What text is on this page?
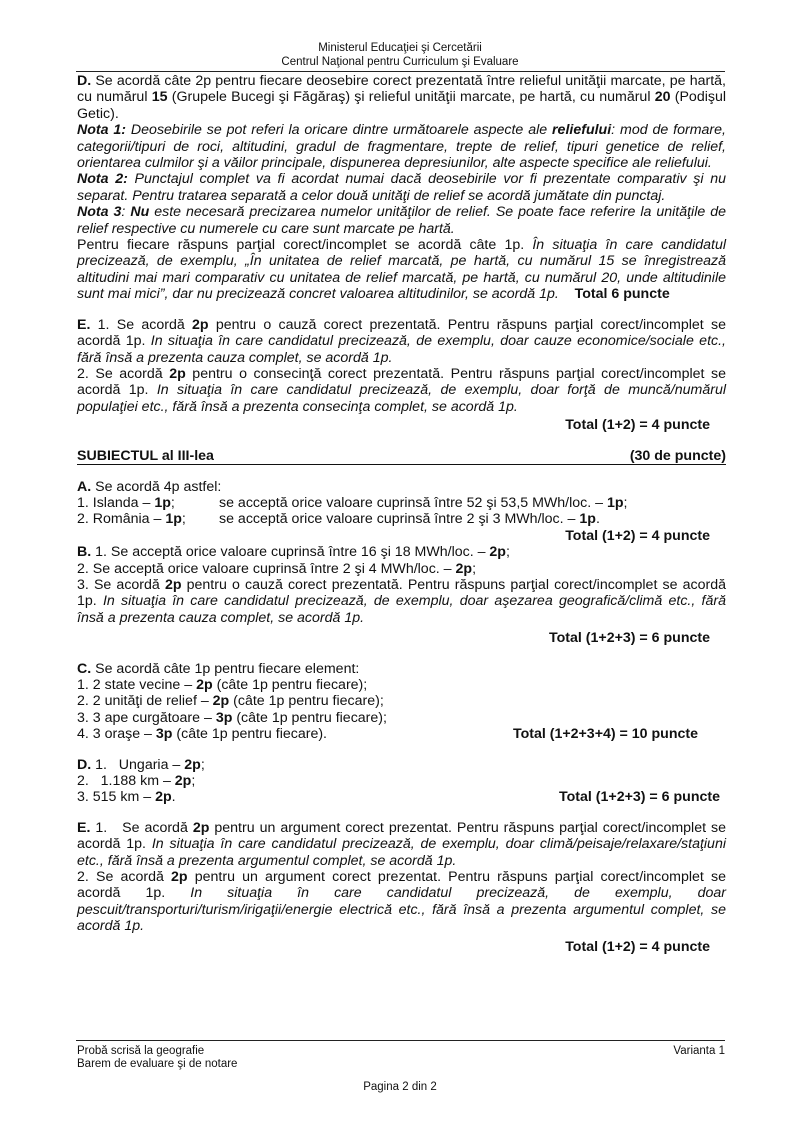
Ministerul Educaţiei şi Cercetării
Centrul Naţional pentru Curriculum şi Evaluare

D. Se acordă câte 2p pentru fiecare deosebire corect prezentată între relieful unităţii marcate, pe hartă, cu numărul 15 (Grupele Bucegi şi Făgăraş) şi relieful unităţii marcate, pe hartă, cu numărul 20 (Podişul Getic).

Nota 1: Deosebirile se pot referi la oricare dintre următoarele aspecte ale reliefului: mod de formare, categorii/tipuri de roci, altitudini, gradul de fragmentare, trepte de relief, tipuri genetice de relief, orientarea culmilor şi a văilor principale, dispunerea depresiunilor, alte aspecte specifice ale reliefului.

Nota 2: Punctajul complet va fi acordat numai dacă deosebirile vor fi prezentate comparativ şi nu separat. Pentru tratarea separată a celor două unităţi de relief se acordă jumătate din punctaj.

Nota 3: Nu este necesară precizarea numelor unităţilor de relief. Se poate face referire la unităţile de relief respective cu numerele cu care sunt marcate pe hartă.

Pentru fiecare răspuns parţial corect/incomplet se acordă câte 1p. În situaţia în care candidatul precizează, de exemplu, „În unitatea de relief marcată, pe hartă, cu numărul 15 se înregistrează altitudini mai mari comparativ cu unitatea de relief marcată, pe hartă, cu numărul 20, unde altitudinile sunt mai mici”, dar nu precizează concret valoarea altitudinilor, se acordă 1p. Total 6 puncte

E. 1. Se acordă 2p pentru o cauză corect prezentată. Pentru răspuns parţial corect/incomplet se acordă 1p. In situaţia în care candidatul precizează, de exemplu, doar cauze economice/sociale etc., fără însă a prezenta cauza complet, se acordă 1p.

2. Se acordă 2p pentru o consecinţă corect prezentată. Pentru răspuns parţial corect/incomplet se acordă 1p. In situaţia în care candidatul precizează, de exemplu, doar forţă de muncă/numărul populaţiei etc., fără însă a prezenta consecinţa complet, se acordă 1p.

Total (1+2) = 4 puncte

SUBIECTUL al III-lea	(30 de puncte)

A. Se acordă 4p astfel:

1. Islanda – 1p;	se acceptă orice valoare cuprinsă între 52 şi 53,5 MWh/loc. – 1p;
2. România – 1p;	se acceptă orice valoare cuprinsă între 2 şi 3 MWh/loc. – 1p.

Total (1+2) = 4 puncte

B. 1. Se acceptă orice valoare cuprinsă între 16 şi 18 MWh/loc. – 2p;

2. Se acceptă orice valoare cuprinsă între 2 şi 4 MWh/loc. – 2p;

3. Se acordă 2p pentru o cauză corect prezentată. Pentru răspuns parţial corect/incomplet se acordă 1p. In situaţia în care candidatul precizează, de exemplu, doar aşezarea geografică/climă etc., fără însă a prezenta cauza complet, se acordă 1p.

Total (1+2+3) = 6 puncte

C. Se acordă câte 1p pentru fiecare element:

1. 2 state vecine – 2p (câte 1p pentru fiecare);

2. 2 unităţi de relief – 2p (câte 1p pentru fiecare);

3. 3 ape curgătoare – 3p (câte 1p pentru fiecare);

4. 3 oraşe – 3p (câte 1p pentru fiecare).	Total (1+2+3+4) = 10 puncte

D. 1.   Ungaria – 2p;

2.   1.188 km – 2p;

3. 515 km – 2p.	Total (1+2+3) = 6 puncte

E. 1.   Se acordă 2p pentru un argument corect prezentat. Pentru răspuns parţial corect/incomplet se acordă 1p. In situaţia în care candidatul precizează, de exemplu, doar climă/peisaje/relaxare/staţiuni etc., fără însă a prezenta argumentul complet, se acordă 1p.

2. Se acordă 2p pentru un argument corect prezentat. Pentru răspuns parţial corect/incomplet se acordă 1p. In situaţia în care candidatul precizează, de exemplu, doar pescuit/transporturi/turism/irigaţii/energie electrică etc., fără însă a prezenta argumentul complet, se acordă 1p.

Total (1+2) = 4 puncte

Probă scrisă la geografie	Varianta 1
Barem de evaluare şi de notare
Pagina 2 din 2
